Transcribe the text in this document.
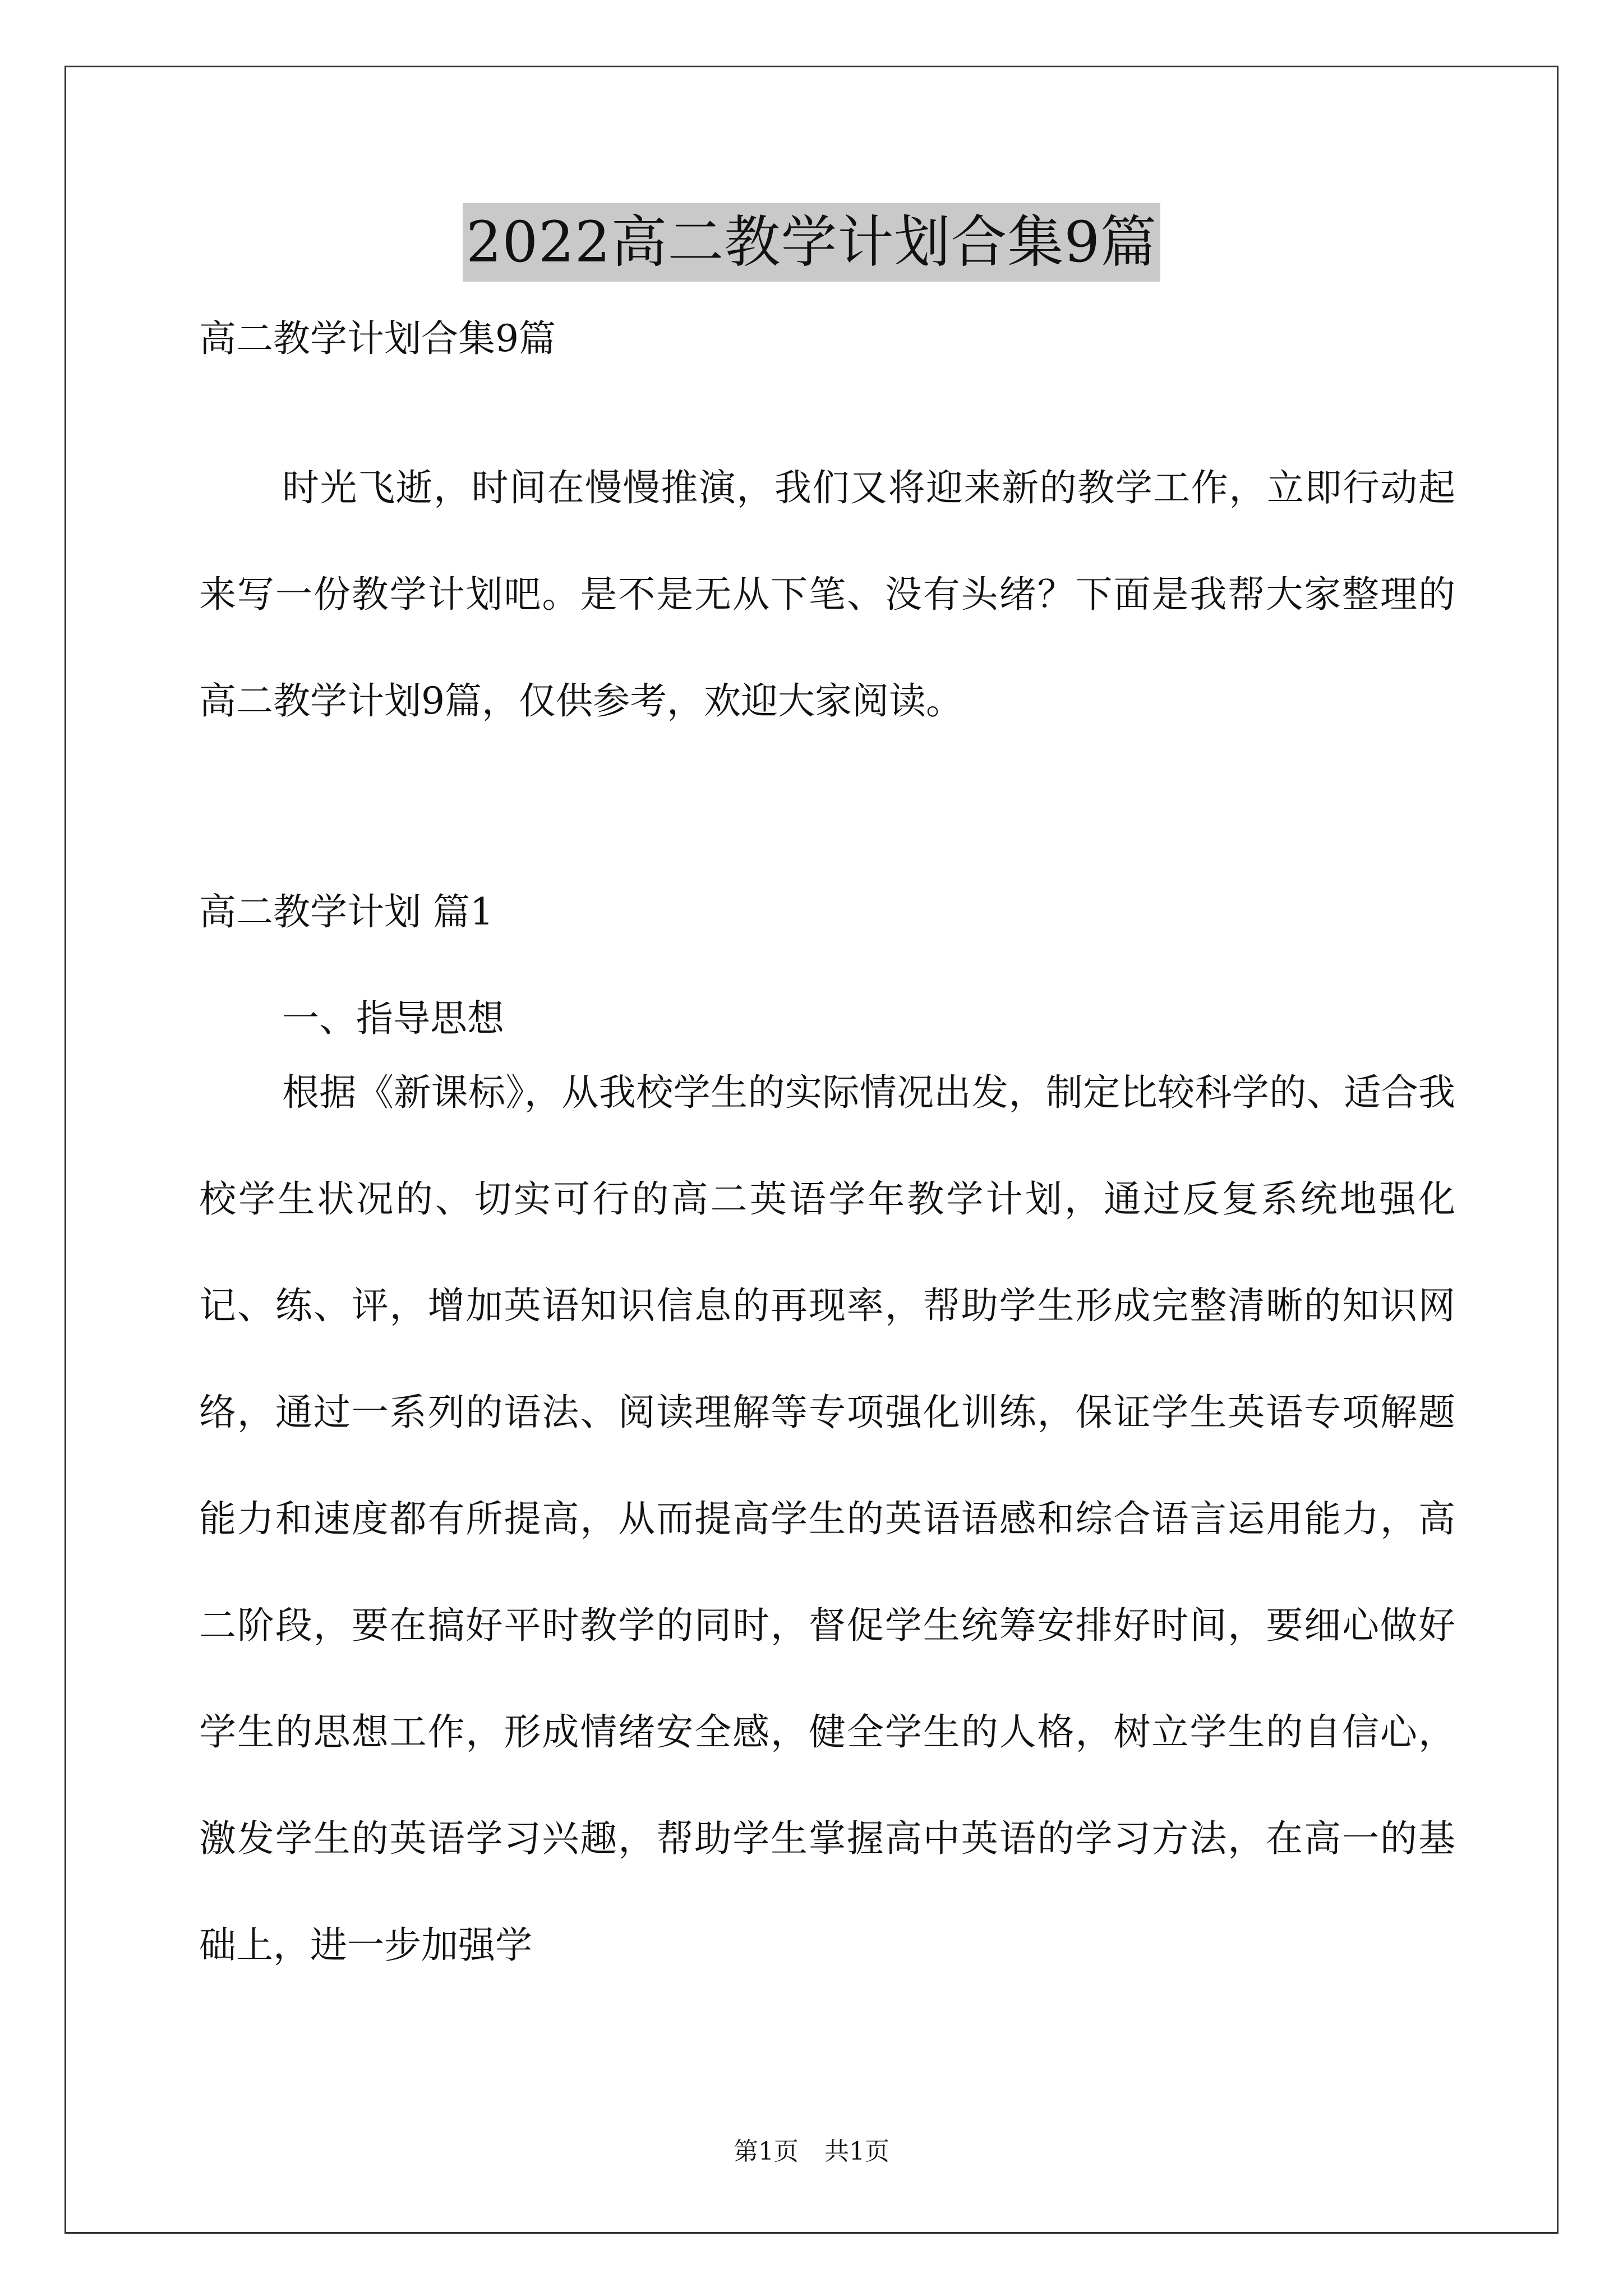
2022高二教学计划合集9篇
高二教学计划合集9篇

时光飞逝，时间在慢慢推演，我们又将迎来新的教学工作，立即行动起来写一份教学计划吧。是不是无从下笔、没有头绪？下面是我帮大家整理的高二教学计划9篇，仅供参考，欢迎大家阅读。

高二教学计划 篇1
一、指导思想

根据《新课标》，从我校学生的实际情况出发，制定比较科学的、适合我校学生状况的、切实可行的高二英语学年教学计划，通过反复系统地强化记、练、评，增加英语知识信息的再现率，帮助学生形成完整清晰的知识网络，通过一系列的语法、阅读理解等专项强化训练，保证学生英语专项解题能力和速度都有所提高，从而提高学生的英语语感和综合语言运用能力，高二阶段，要在搞好平时教学的同时，督促学生统筹安排好时间，要细心做好学生的思想工作，形成情绪安全感，健全学生的人格，树立学生的自信心，激发学生的英语学习兴趣，帮助学生掌握高中英语的学习方法，在高一的基础上，进一步加强学

第1页 共1页
